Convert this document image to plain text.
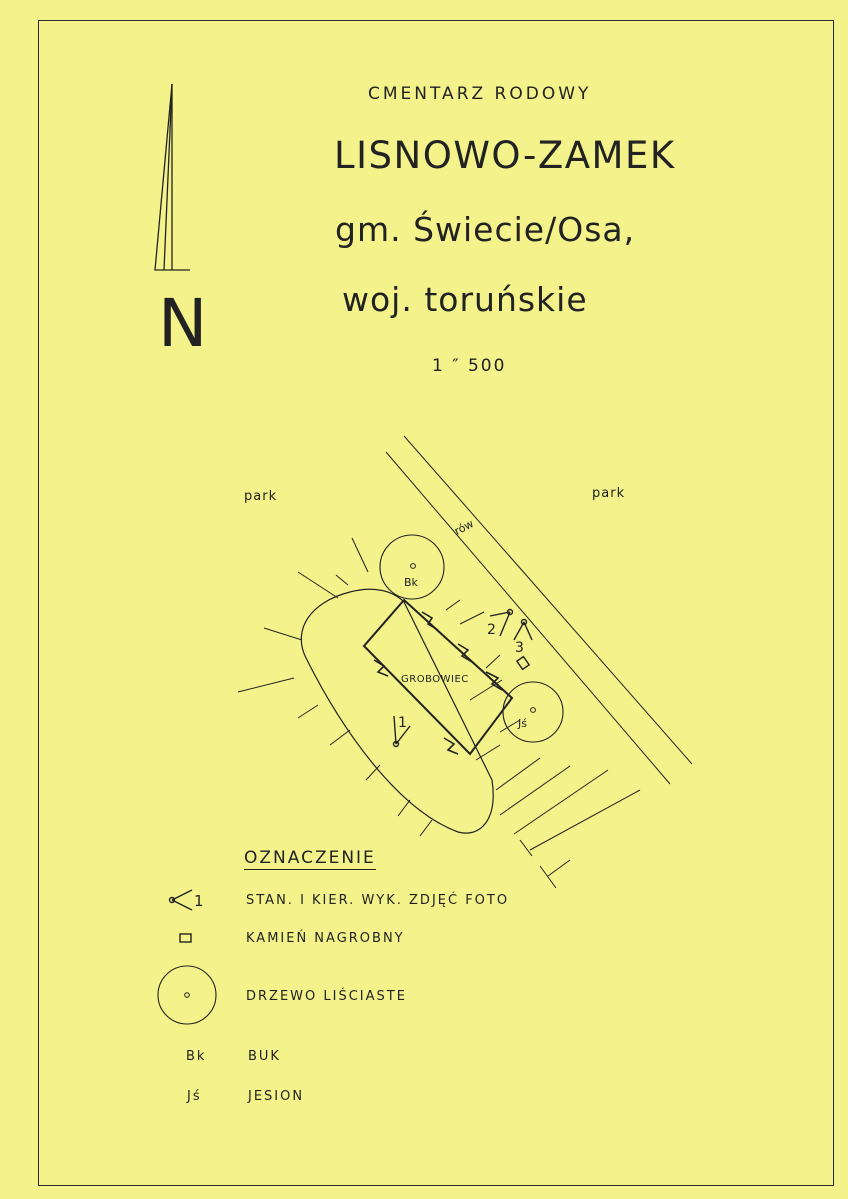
CMENTARZ RODOWY
LISNOWO-ZAMEK
gm. Świecie/Osa,
woj. toruńskie
1 ″ 500
N
Bk
Jś
GROBOWIEC
1
2
3
park	park
rów
1
OZNACZENIE
STAN. I KIER. WYK. ZDJĘĆ FOTO
KAMIEŃ NAGROBNY
DRZEWO LIŚCIASTE
Bk	BUK
Jś	JESION
